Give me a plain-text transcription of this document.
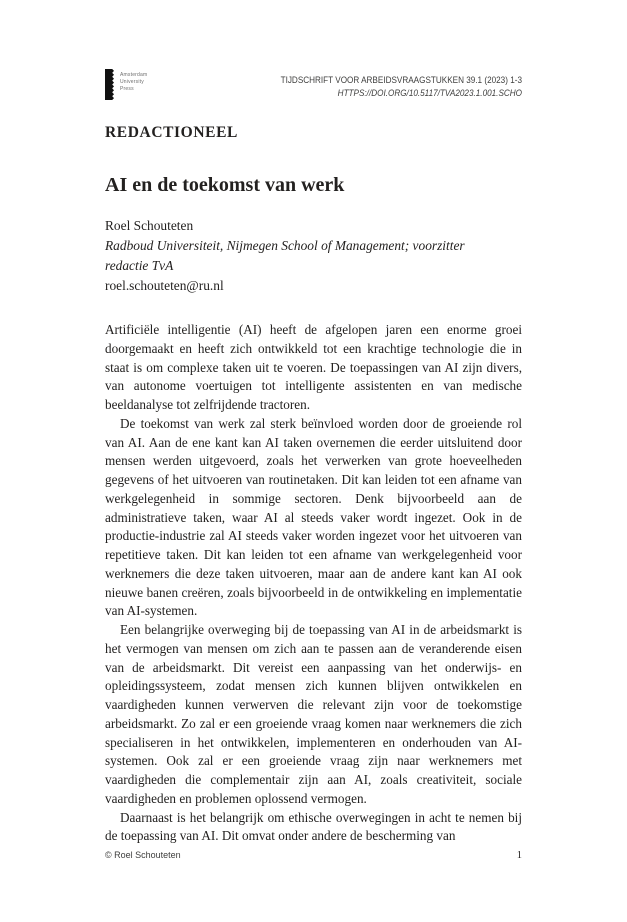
Amsterdam
University
Press
TIJDSCHRIFT VOOR ARBEIDSVRAAGSTUKKEN 39.1 (2023) 1-3
HTTPS://DOI.ORG/10.5117/TVA2023.1.001.SCHO
REDACTIONEEL
AI en de toekomst van werk
Roel Schouteten
Radboud Universiteit, Nijmegen School of Management; voorzitter
redactie TvA
roel.schouteten@ru.nl

Artificiële intelligentie (AI) heeft de afgelopen jaren een enorme groei doorgemaakt en heeft zich ontwikkeld tot een krachtige technologie die in staat is om complexe taken uit te voeren. De toepassingen van AI zijn divers, van autonome voertuigen tot intelligente assistenten en van medische beeldanalyse tot zelfrijdende tractoren.

De toekomst van werk zal sterk beïnvloed worden door de groeiende rol van AI. Aan de ene kant kan AI taken overnemen die eerder uitsluitend door mensen werden uitgevoerd, zoals het verwerken van grote hoeveelheden gegevens of het uitvoeren van routinetaken. Dit kan leiden tot een afname van werkgelegenheid in sommige sectoren. Denk bijvoorbeeld aan de administratieve taken, waar AI al steeds vaker wordt ingezet. Ook in de productie-industrie zal AI steeds vaker worden ingezet voor het uitvoeren van repetitieve taken. Dit kan leiden tot een afname van werkgelegenheid voor werknemers die deze taken uitvoeren, maar aan de andere kant kan AI ook nieuwe banen creëren, zoals bijvoorbeeld in de ontwikkeling en implementatie van AI-systemen.

Een belangrijke overweging bij de toepassing van AI in de arbeidsmarkt is het vermogen van mensen om zich aan te passen aan de veranderende eisen van de arbeidsmarkt. Dit vereist een aanpassing van het onderwijs- en opleidingssysteem, zodat mensen zich kunnen blijven ontwikkelen en vaardigheden kunnen verwerven die relevant zijn voor de toekomstige arbeidsmarkt. Zo zal er een groeiende vraag komen naar werknemers die zich specialiseren in het ontwikkelen, implementeren en onderhouden van AI-systemen. Ook zal er een groeiende vraag zijn naar werknemers met vaardigheden die complementair zijn aan AI, zoals creativiteit, sociale vaardigheden en problemen oplossend vermogen.

Daarnaast is het belangrijk om ethische overwegingen in acht te nemen bij de toepassing van AI. Dit omvat onder andere de bescherming van

© Roel Schouteten	1
